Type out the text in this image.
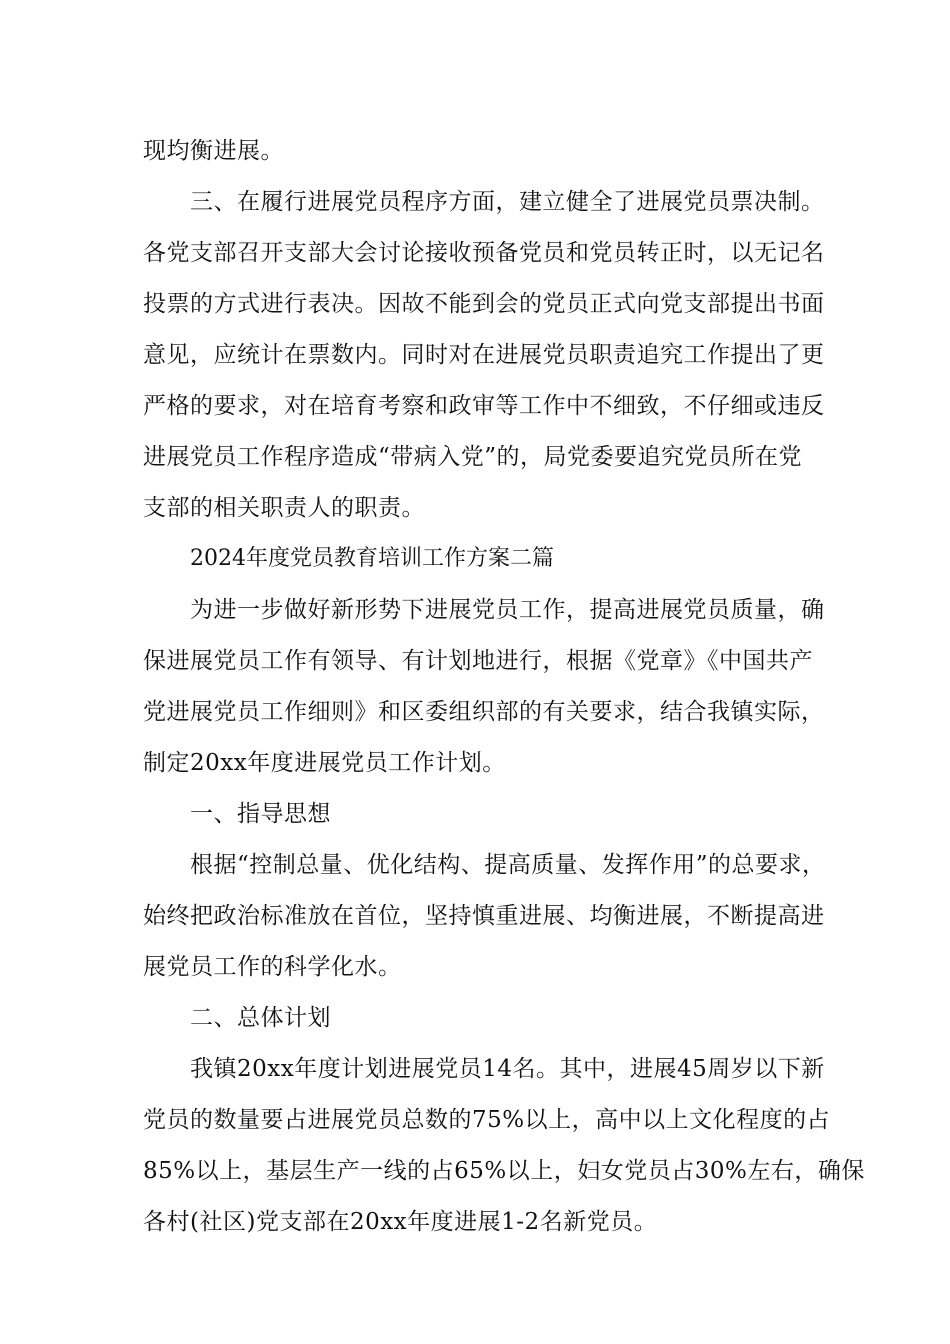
现均衡进展。
三、在履行进展党员程序方面，建立健全了进展党员票决制。
各党支部召开支部大会讨论接收预备党员和党员转正时，以无记名
投票的方式进行表决。因故不能到会的党员正式向党支部提出书面
意见，应统计在票数内。同时对在进展党员职责追究工作提出了更
严格的要求，对在培育考察和政审等工作中不细致，不仔细或违反
进展党员工作程序造成“带病入党”的，局党委要追究党员所在党
支部的相关职责人的职责。
2024年度党员教育培训工作方案二篇
为进一步做好新形势下进展党员工作，提高进展党员质量，确
保进展党员工作有领导、有计划地进行，根据《党章》《中国共产
党进展党员工作细则》和区委组织部的有关要求，结合我镇实际，
制定20xx年度进展党员工作计划。
一、指导思想
根据“控制总量、优化结构、提高质量、发挥作用”的总要求，
始终把政治标准放在首位，坚持慎重进展、均衡进展，不断提高进
展党员工作的科学化水。
二、总体计划
我镇20xx年度计划进展党员14名。其中，进展45周岁以下新
党员的数量要占进展党员总数的75%以上，高中以上文化程度的占
85%以上，基层生产一线的占65%以上，妇女党员占30%左右，确保
各村(社区)党支部在20xx年度进展1-2名新党员。
